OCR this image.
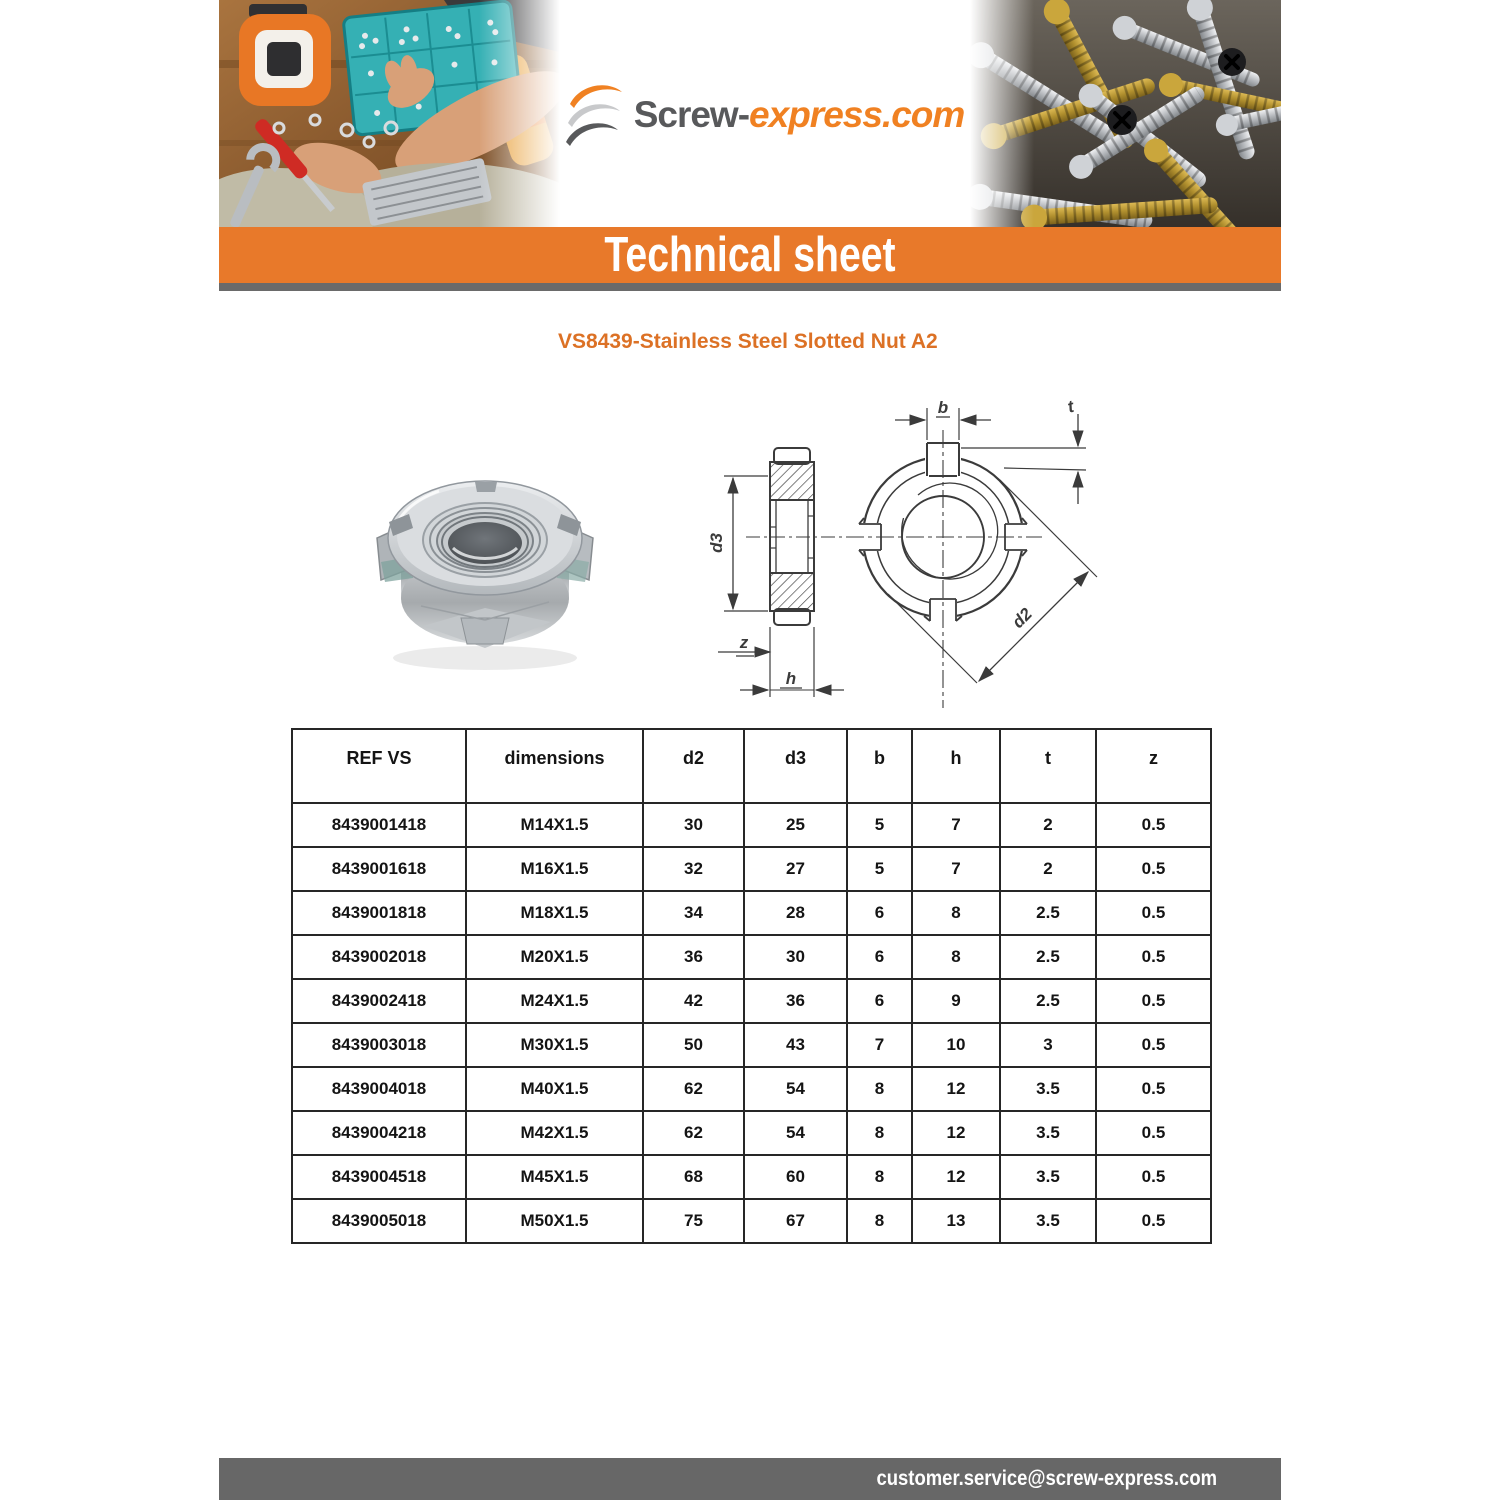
Screw-express.com
Technical sheet
VS8439-Stainless Steel Slotted Nut A2
d3
z
h
b	t
d2
REF VS	dimensions	d2	d3	b	h	t	z
8439001418	M14X1.5	30	25	5	7	2	0.5
8439001618	M16X1.5	32	27	5	7	2	0.5
8439001818	M18X1.5	34	28	6	8	2.5	0.5
8439002018	M20X1.5	36	30	6	8	2.5	0.5
8439002418	M24X1.5	42	36	6	9	2.5	0.5
8439003018	M30X1.5	50	43	7	10	3	0.5
8439004018	M40X1.5	62	54	8	12	3.5	0.5
8439004218	M42X1.5	62	54	8	12	3.5	0.5
8439004518	M45X1.5	68	60	8	12	3.5	0.5
8439005018	M50X1.5	75	67	8	13	3.5	0.5
customer.service@screw-express.com
